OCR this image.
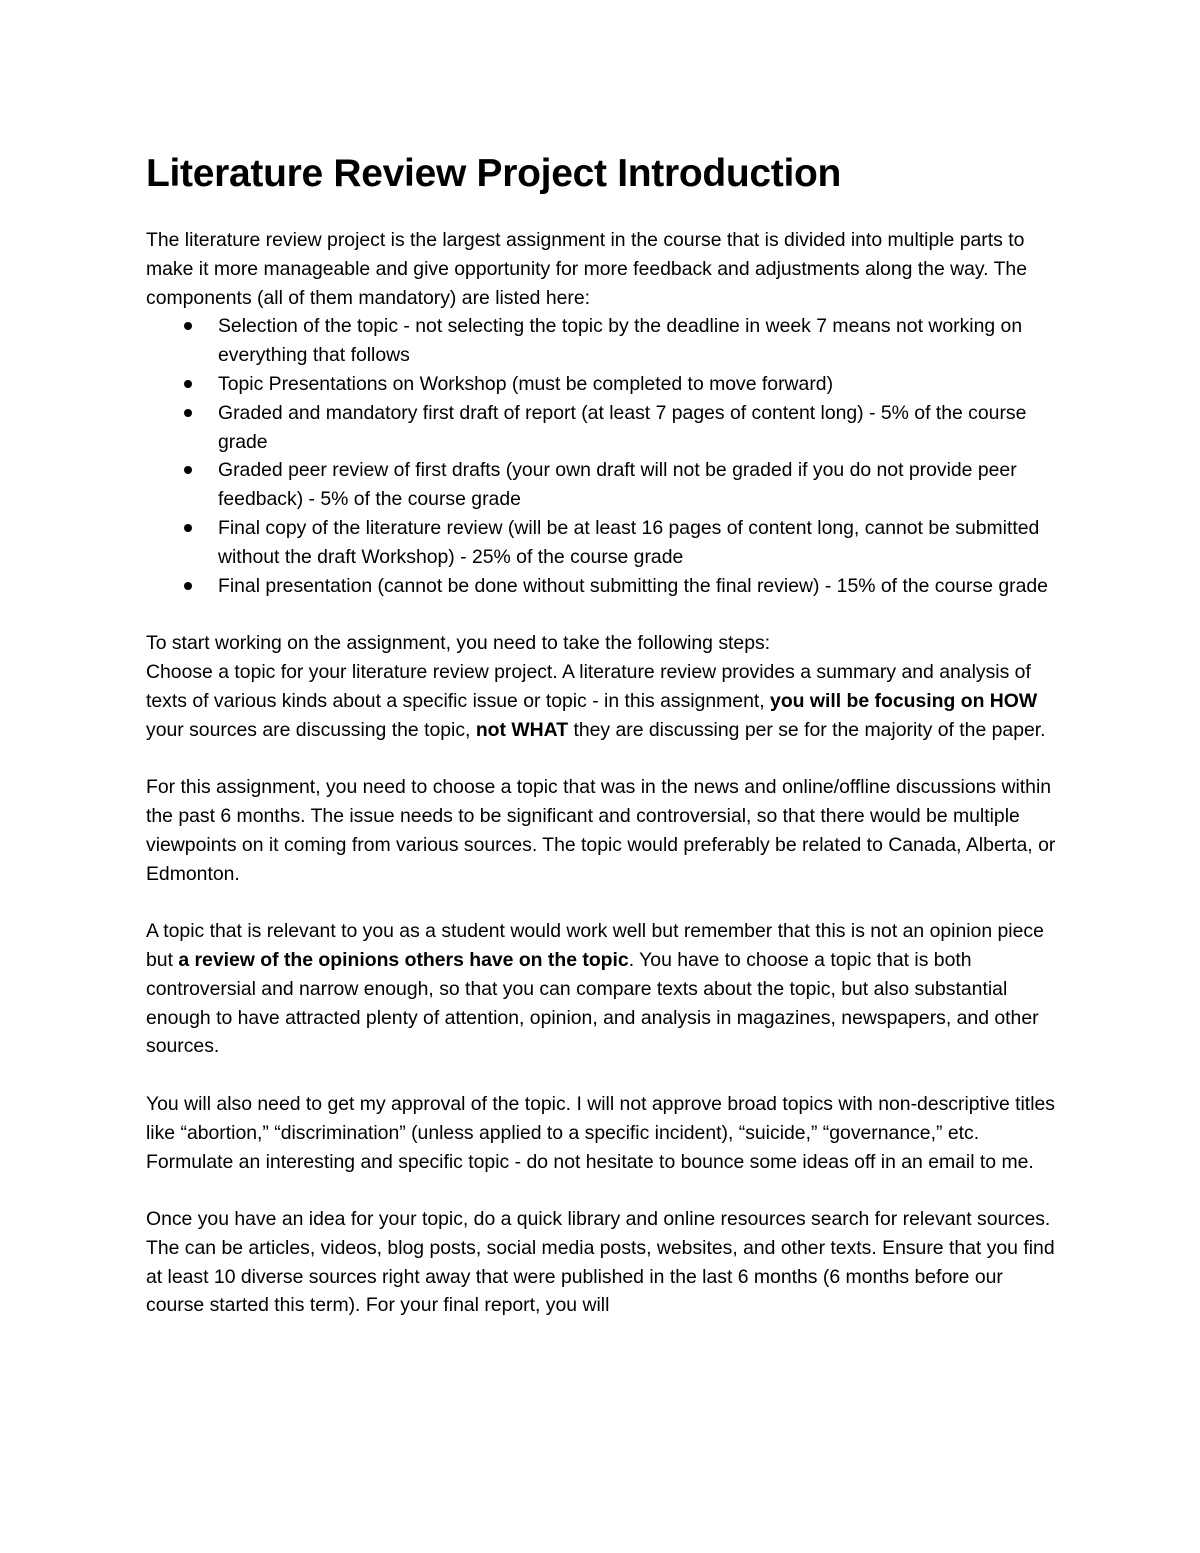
Literature Review Project Introduction

The literature review project is the largest assignment in the course that is divided into multiple parts to make it more manageable and give opportunity for more feedback and adjustments along the way. The components (all of them mandatory) are listed here:

Selection of the topic - not selecting the topic by the deadline in week 7 means not working on everything that follows
Topic Presentations on Workshop (must be completed to move forward)
Graded and mandatory first draft of report (at least 7 pages of content long) - 5% of the course grade
Graded peer review of first drafts (your own draft will not be graded if you do not provide peer feedback) - 5% of the course grade
Final copy of the literature review (will be at least 16 pages of content long, cannot be submitted without the draft Workshop) - 25% of the course grade
Final presentation (cannot be done without submitting the final review) - 15% of the course grade

To start working on the assignment, you need to take the following steps:

Choose a topic for your literature review project. A literature review provides a summary and analysis of texts of various kinds about a specific issue or topic - in this assignment, you will be focusing on HOW your sources are discussing the topic, not WHAT they are discussing per se for the majority of the paper.

For this assignment, you need to choose a topic that was in the news and online/offline discussions within the past 6 months. The issue needs to be significant and controversial, so that there would be multiple viewpoints on it coming from various sources. The topic would preferably be related to Canada, Alberta, or Edmonton.

A topic that is relevant to you as a student would work well but remember that this is not an opinion piece but a review of the opinions others have on the topic. You have to choose a topic that is both controversial and narrow enough, so that you can compare texts about the topic, but also substantial enough to have attracted plenty of attention, opinion, and analysis in magazines, newspapers, and other sources.

You will also need to get my approval of the topic. I will not approve broad topics with non-descriptive titles like “abortion,” “discrimination” (unless applied to a specific incident), “suicide,” “governance,” etc. Formulate an interesting and specific topic - do not hesitate to bounce some ideas off in an email to me.

Once you have an idea for your topic, do a quick library and online resources search for relevant sources. The can be articles, videos, blog posts, social media posts, websites, and other texts. Ensure that you find at least 10 diverse sources right away that were published in the last 6 months (6 months before our course started this term). For your final report, you will
